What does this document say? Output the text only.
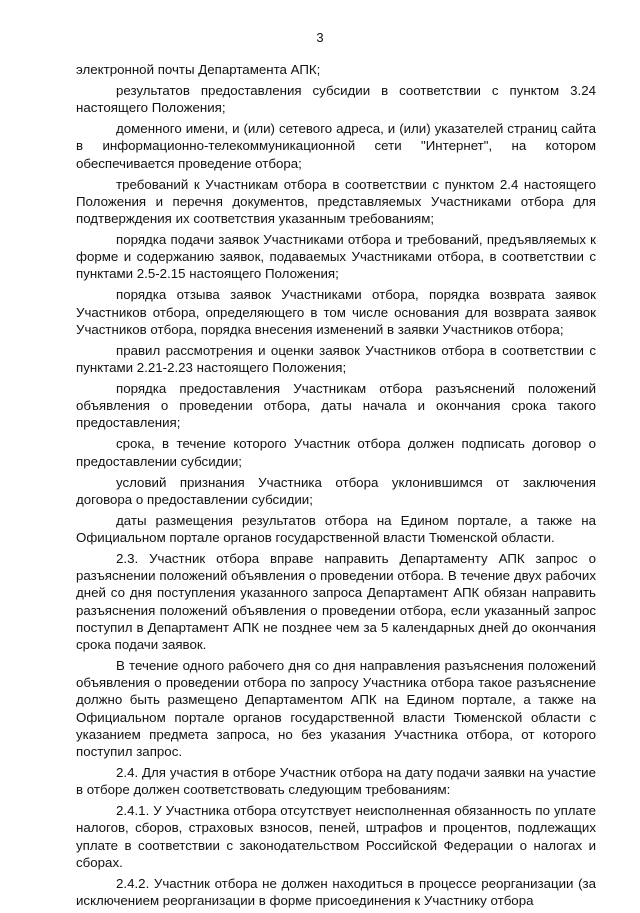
3

электронной почты Департамента АПК;

результатов предоставления субсидии в соответствии с пунктом 3.24 настоящего Положения;

доменного имени, и (или) сетевого адреса, и (или) указателей страниц сайта в информационно-телекоммуникационной сети "Интернет", на котором обеспечивается проведение отбора;

требований к Участникам отбора в соответствии с пунктом 2.4 настоящего Положения и перечня документов, представляемых Участниками отбора для подтверждения их соответствия указанным требованиям;

порядка подачи заявок Участниками отбора и требований, предъявляемых к форме и содержанию заявок, подаваемых Участниками отбора, в соответствии с пунктами 2.5-2.15 настоящего Положения;

порядка отзыва заявок Участниками отбора, порядка возврата заявок Участников отбора, определяющего в том числе основания для возврата заявок Участников отбора, порядка внесения изменений в заявки Участников отбора;

правил рассмотрения и оценки заявок Участников отбора в соответствии с пунктами 2.21-2.23 настоящего Положения;

порядка предоставления Участникам отбора разъяснений положений объявления о проведении отбора, даты начала и окончания срока такого предоставления;

срока, в течение которого Участник отбора должен подписать договор о предоставлении субсидии;

условий признания Участника отбора уклонившимся от заключения договора о предоставлении субсидии;

даты размещения результатов отбора на Едином портале, а также на Официальном портале органов государственной власти Тюменской области.

2.3. Участник отбора вправе направить Департаменту АПК запрос о разъяснении положений объявления о проведении отбора. В течение двух рабочих дней со дня поступления указанного запроса Департамент АПК обязан направить разъяснения положений объявления о проведении отбора, если указанный запрос поступил в Департамент АПК не позднее чем за 5 календарных дней до окончания срока подачи заявок.

В течение одного рабочего дня со дня направления разъяснения положений объявления о проведении отбора по запросу Участника отбора такое разъяснение должно быть размещено Департаментом АПК на Едином портале, а также на Официальном портале органов государственной власти Тюменской области с указанием предмета запроса, но без указания Участника отбора, от которого поступил запрос.

2.4. Для участия в отборе Участник отбора на дату подачи заявки на участие в отборе должен соответствовать следующим требованиям:

2.4.1. У Участника отбора отсутствует неисполненная обязанность по уплате налогов, сборов, страховых взносов, пеней, штрафов и процентов, подлежащих уплате в соответствии с законодательством Российской Федерации о налогах и сборах.

2.4.2. Участник отбора не должен находиться в процессе реорганизации (за исключением реорганизации в форме присоединения к Участнику отбора
